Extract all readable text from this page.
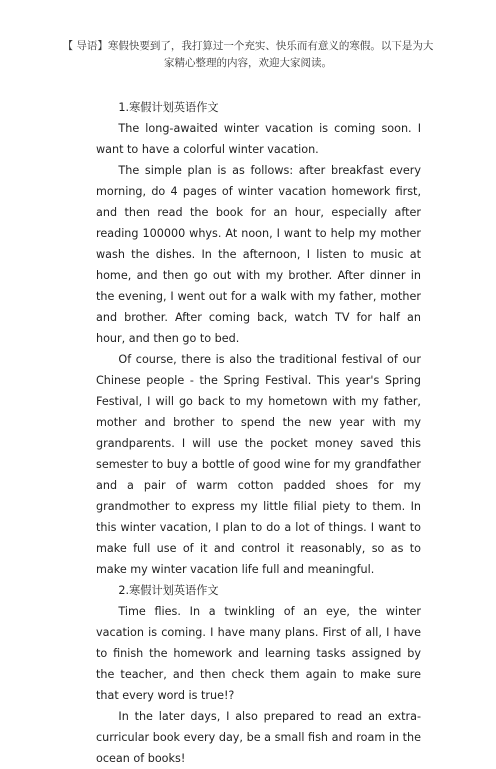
【 导语】寒假快要到了，我打算过一个充实、快乐而有意义的寒假。以下是为大家精心整理的内容，欢迎大家阅读。
1.寒假计划英语作文

The long-awaited winter vacation is coming soon. I want to have a colorful winter vacation.

The simple plan is as follows: after breakfast every morning, do 4 pages of winter vacation homework first, and then read the book for an hour, especially after reading 100000 whys. At noon, I want to help my mother wash the dishes. In the afternoon, I listen to music at home, and then go out with my brother. After dinner in the evening, I went out for a walk with my father, mother and brother. After coming back, watch TV for half an hour, and then go to bed.

Of course, there is also the traditional festival of our Chinese people - the Spring Festival. This year's Spring Festival, I will go back to my hometown with my father, mother and brother to spend the new year with my grandparents. I will use the pocket money saved this semester to buy a bottle of good wine for my grandfather and a pair of warm cotton padded shoes for my grandmother to express my little filial piety to them. In this winter vacation, I plan to do a lot of things. I want to make full use of it and control it reasonably, so as to make my winter vacation life full and meaningful.

2.寒假计划英语作文

Time flies. In a twinkling of an eye, the winter vacation is coming. I have many plans. First of all, I have to finish the homework and learning tasks assigned by the teacher, and then check them again to make sure that every word is true!?

In the later days, I also prepared to read an extra-curricular book every day, be a small fish and roam in the ocean of books!
